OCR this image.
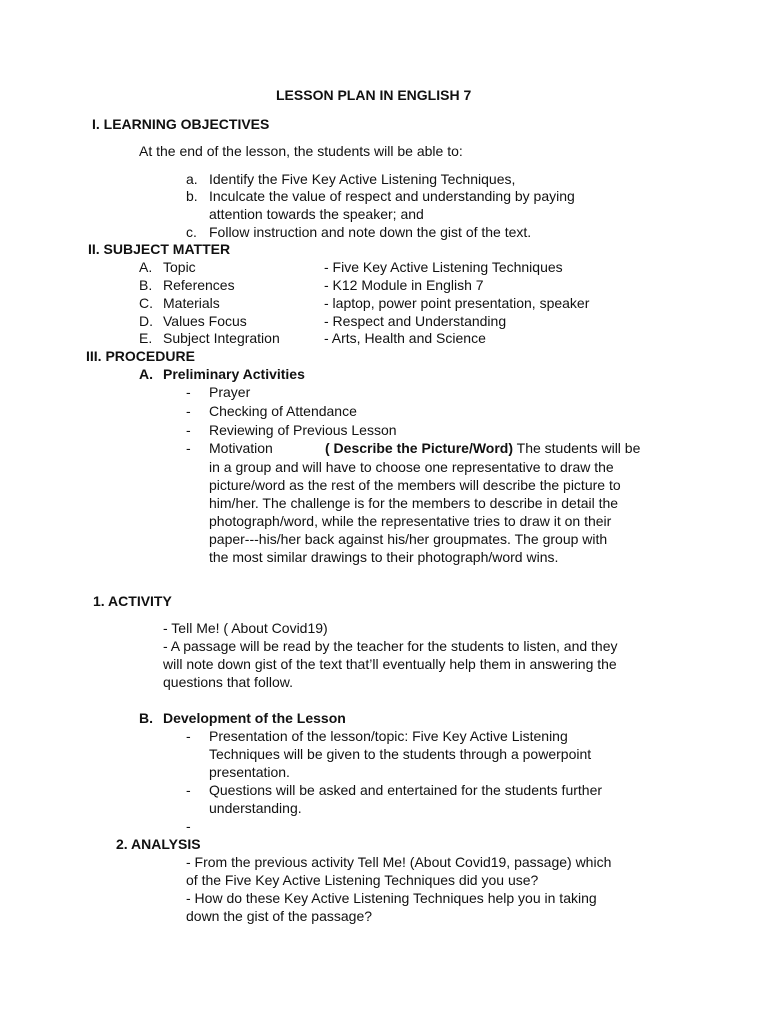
LESSON PLAN IN ENGLISH 7
I. LEARNING OBJECTIVES
At the end of the lesson, the students will be able to:
a. Identify the Five Key Active Listening Techniques,
b. Inculcate the value of respect and understanding by paying
attention towards the speaker; and
c. Follow instruction and note down the gist of the text.
II. SUBJECT MATTER
A. Topic	- Five Key Active Listening Techniques
B. References	- K12 Module in English 7
C. Materials	- laptop, power point presentation, speaker
D. Values Focus	- Respect and Understanding
E. Subject Integration	- Arts, Health and Science
III. PROCEDURE
A. Preliminary Activities
- Prayer
- Checking of Attendance
- Reviewing of Previous Lesson
- Motivation	( Describe the Picture/Word) The students will be
in a group and will have to choose one representative to draw the
picture/word as the rest of the members will describe the picture to
him/her. The challenge is for the members to describe in detail the
photograph/word, while the representative tries to draw it on their
paper---his/her back against his/her groupmates. The group with
the most similar drawings to their photograph/word wins.
1. ACTIVITY
- Tell Me! ( About Covid19)
- A passage will be read by the teacher for the students to listen, and they
will note down gist of the text that’ll eventually help them in answering the
questions that follow.
B. Development of the Lesson
- Presentation of the lesson/topic: Five Key Active Listening
Techniques will be given to the students through a powerpoint
presentation.
- Questions will be asked and entertained for the students further
understanding.
-
2. ANALYSIS
- From the previous activity Tell Me! (About Covid19, passage) which
of the Five Key Active Listening Techniques did you use?
- How do these Key Active Listening Techniques help you in taking
down the gist of the passage?
